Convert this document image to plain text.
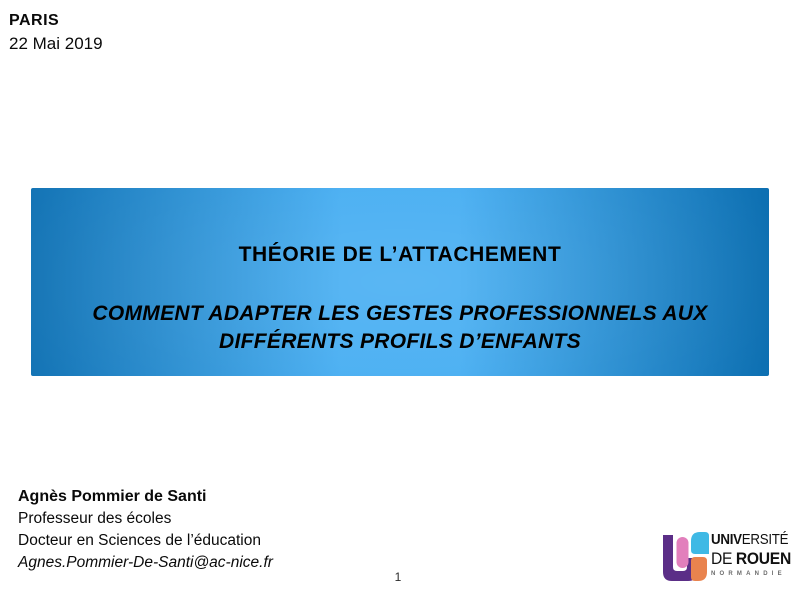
PARIS
22 Mai 2019
THÉORIE DE L’ATTACHEMENT
COMMENT ADAPTER LES GESTES PROFESSIONNELS AUX
DIFFÉRENTS PROFILS D’ENFANTS
Agnès Pommier de Santi
Professeur des écoles
Docteur en Sciences de l’éducation
Agnes.Pommier-De-Santi@ac-nice.fr
1
UNIVERSITÉ
DE ROUEN
NORMANDIE
